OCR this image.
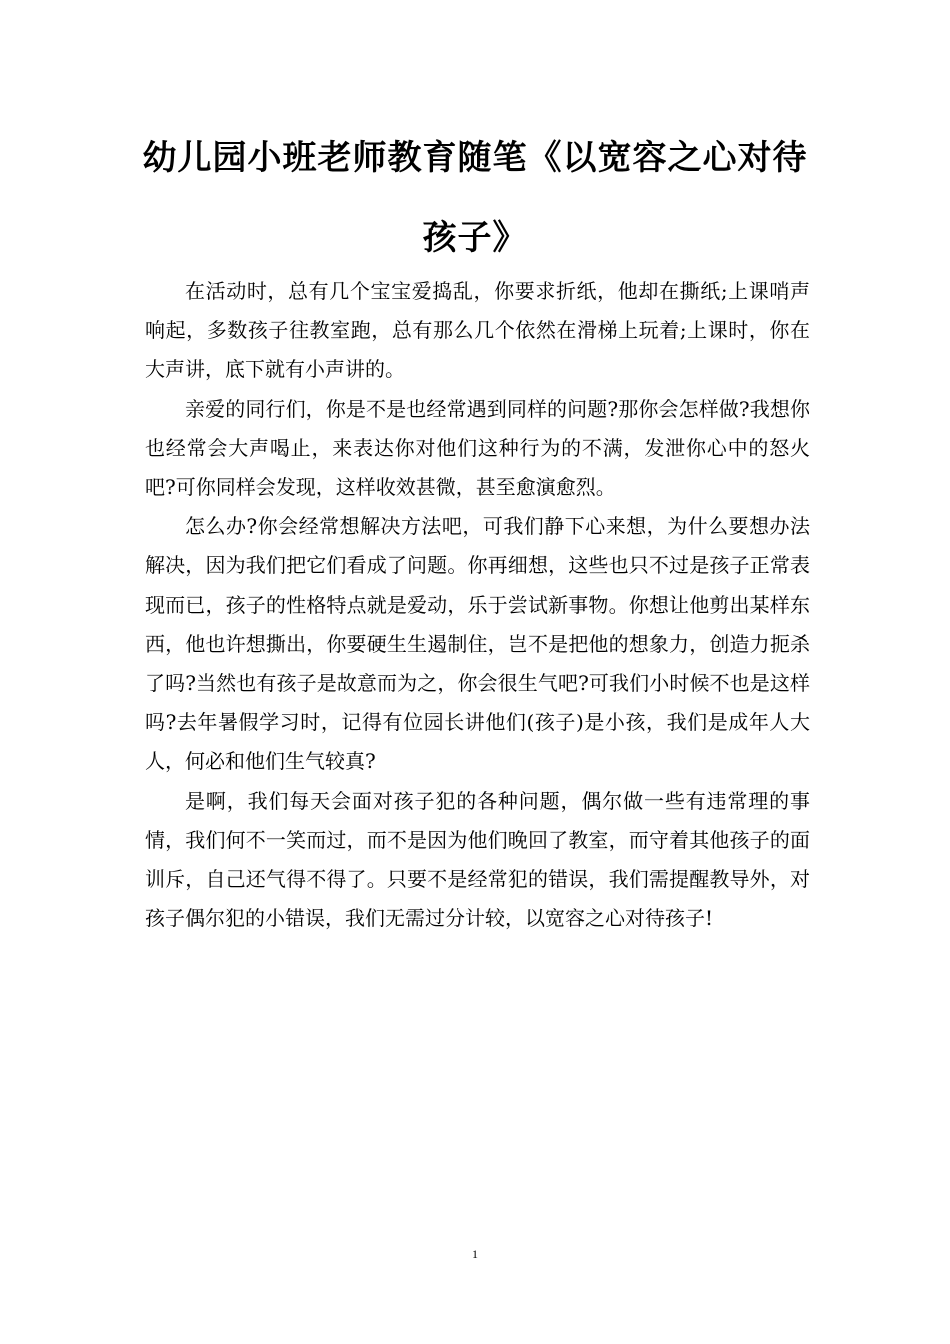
幼儿园小班老师教育随笔《以宽容之心对待孩子》

在活动时，总有几个宝宝爱捣乱，你要求折纸，他却在撕纸;上课哨声响起，多数孩子往教室跑，总有那么几个依然在滑梯上玩着;上课时，你在大声讲，底下就有小声讲的。

亲爱的同行们，你是不是也经常遇到同样的问题?那你会怎样做?我想你也经常会大声喝止，来表达你对他们这种行为的不满，发泄你心中的怒火吧?可你同样会发现，这样收效甚微，甚至愈演愈烈。

怎么办?你会经常想解决方法吧，可我们静下心来想，为什么要想办法解决，因为我们把它们看成了问题。你再细想，这些也只不过是孩子正常表现而已，孩子的性格特点就是爱动，乐于尝试新事物。你想让他剪出某样东西，他也许想撕出，你要硬生生遏制住，岂不是把他的想象力，创造力扼杀了吗?当然也有孩子是故意而为之，你会很生气吧?可我们小时候不也是这样吗?去年暑假学习时，记得有位园长讲他们(孩子)是小孩，我们是成年人大人，何必和他们生气较真?

是啊，我们每天会面对孩子犯的各种问题，偶尔做一些有违常理的事情，我们何不一笑而过，而不是因为他们晚回了教室，而守着其他孩子的面训斥，自己还气得不得了。只要不是经常犯的错误，我们需提醒教导外，对孩子偶尔犯的小错误，我们无需过分计较，以宽容之心对待孩子!

1
